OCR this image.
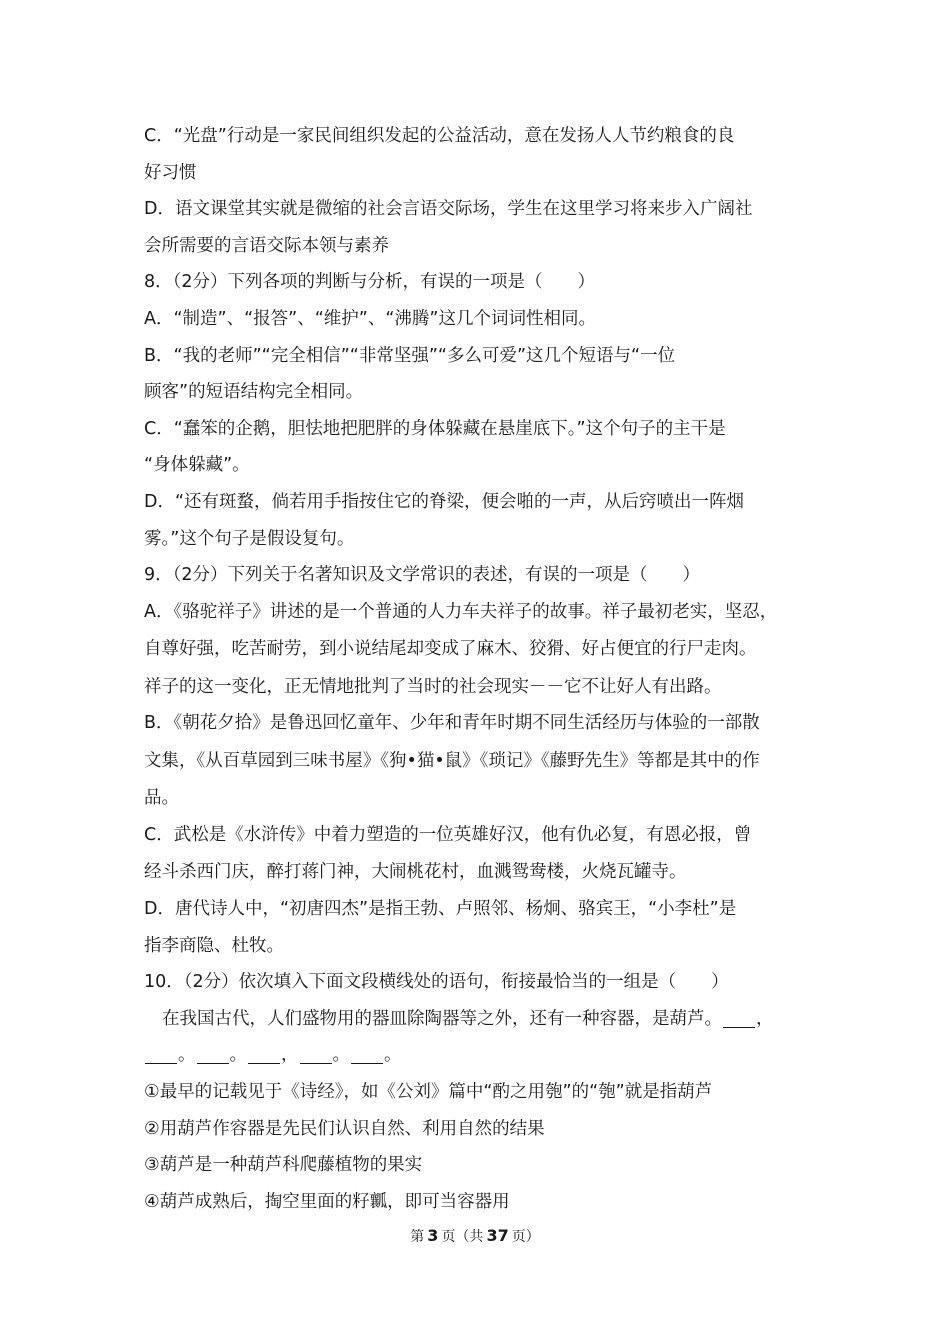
C．“光盘”行动是一家民间组织发起的公益活动，意在发扬人人节约粮食的良
好习惯
D．语文课堂其实就是微缩的社会言语交际场，学生在这里学习将来步入广阔社
会所需要的言语交际本领与素养
8．（2分）下列各项的判断与分析，有误的一项是（　　）
A．“制造”、“报答”、“维护”、“沸腾”这几个词词性相同。
B．“我的老师”“完全相信”“非常坚强”“多么可爱”这几个短语与“一位
顾客”的短语结构完全相同。
C．“蠢笨的企鹅，胆怯地把肥胖的身体躲藏在悬崖底下。”这个句子的主干是
“身体躲藏”。
D．“还有斑蝥，倘若用手指按住它的脊梁，便会啪的一声，从后窍喷出一阵烟
雾。”这个句子是假设复句。
9．（2分）下列关于名著知识及文学常识的表述，有误的一项是（　　）
A．《骆驼祥子》讲述的是一个普通的人力车夫祥子的故事。祥子最初老实，坚忍，
自尊好强，吃苦耐劳，到小说结尾却变成了麻木、狡猾、好占便宜的行尸走肉。
祥子的这一变化，正无情地批判了当时的社会现实－－它不让好人有出路。
B．《朝花夕拾》是鲁迅回忆童年、少年和青年时期不同生活经历与体验的一部散
文集，《从百草园到三味书屋》《狗•猫•鼠》《琐记》《藤野先生》等都是其中的作
品。
C．武松是《水浒传》中着力塑造的一位英雄好汉，他有仇必复，有恩必报，曾
经斗杀西门庆，醉打蒋门神，大闹桃花村，血溅鸳鸯楼，火烧瓦罐寺。
D．唐代诗人中，“初唐四杰”是指王勃、卢照邻、杨炯、骆宾王，“小李杜”是
指李商隐、杜牧。
10．（2分）依次填入下面文段横线处的语句，衔接最恰当的一组是（　　）
在我国古代，人们盛物用的器皿除陶器等之外，还有一种容器，是葫芦。 ，
。 。 ， 。 。
①最早的记载见于《诗经》，如《公刘》篇中“酌之用匏”的“匏”就是指葫芦
②用葫芦作容器是先民们认识自然、利用自然的结果
③葫芦是一种葫芦科爬藤植物的果实
④葫芦成熟后，掏空里面的籽瓤，即可当容器用
第 3 页（共 37 页）
